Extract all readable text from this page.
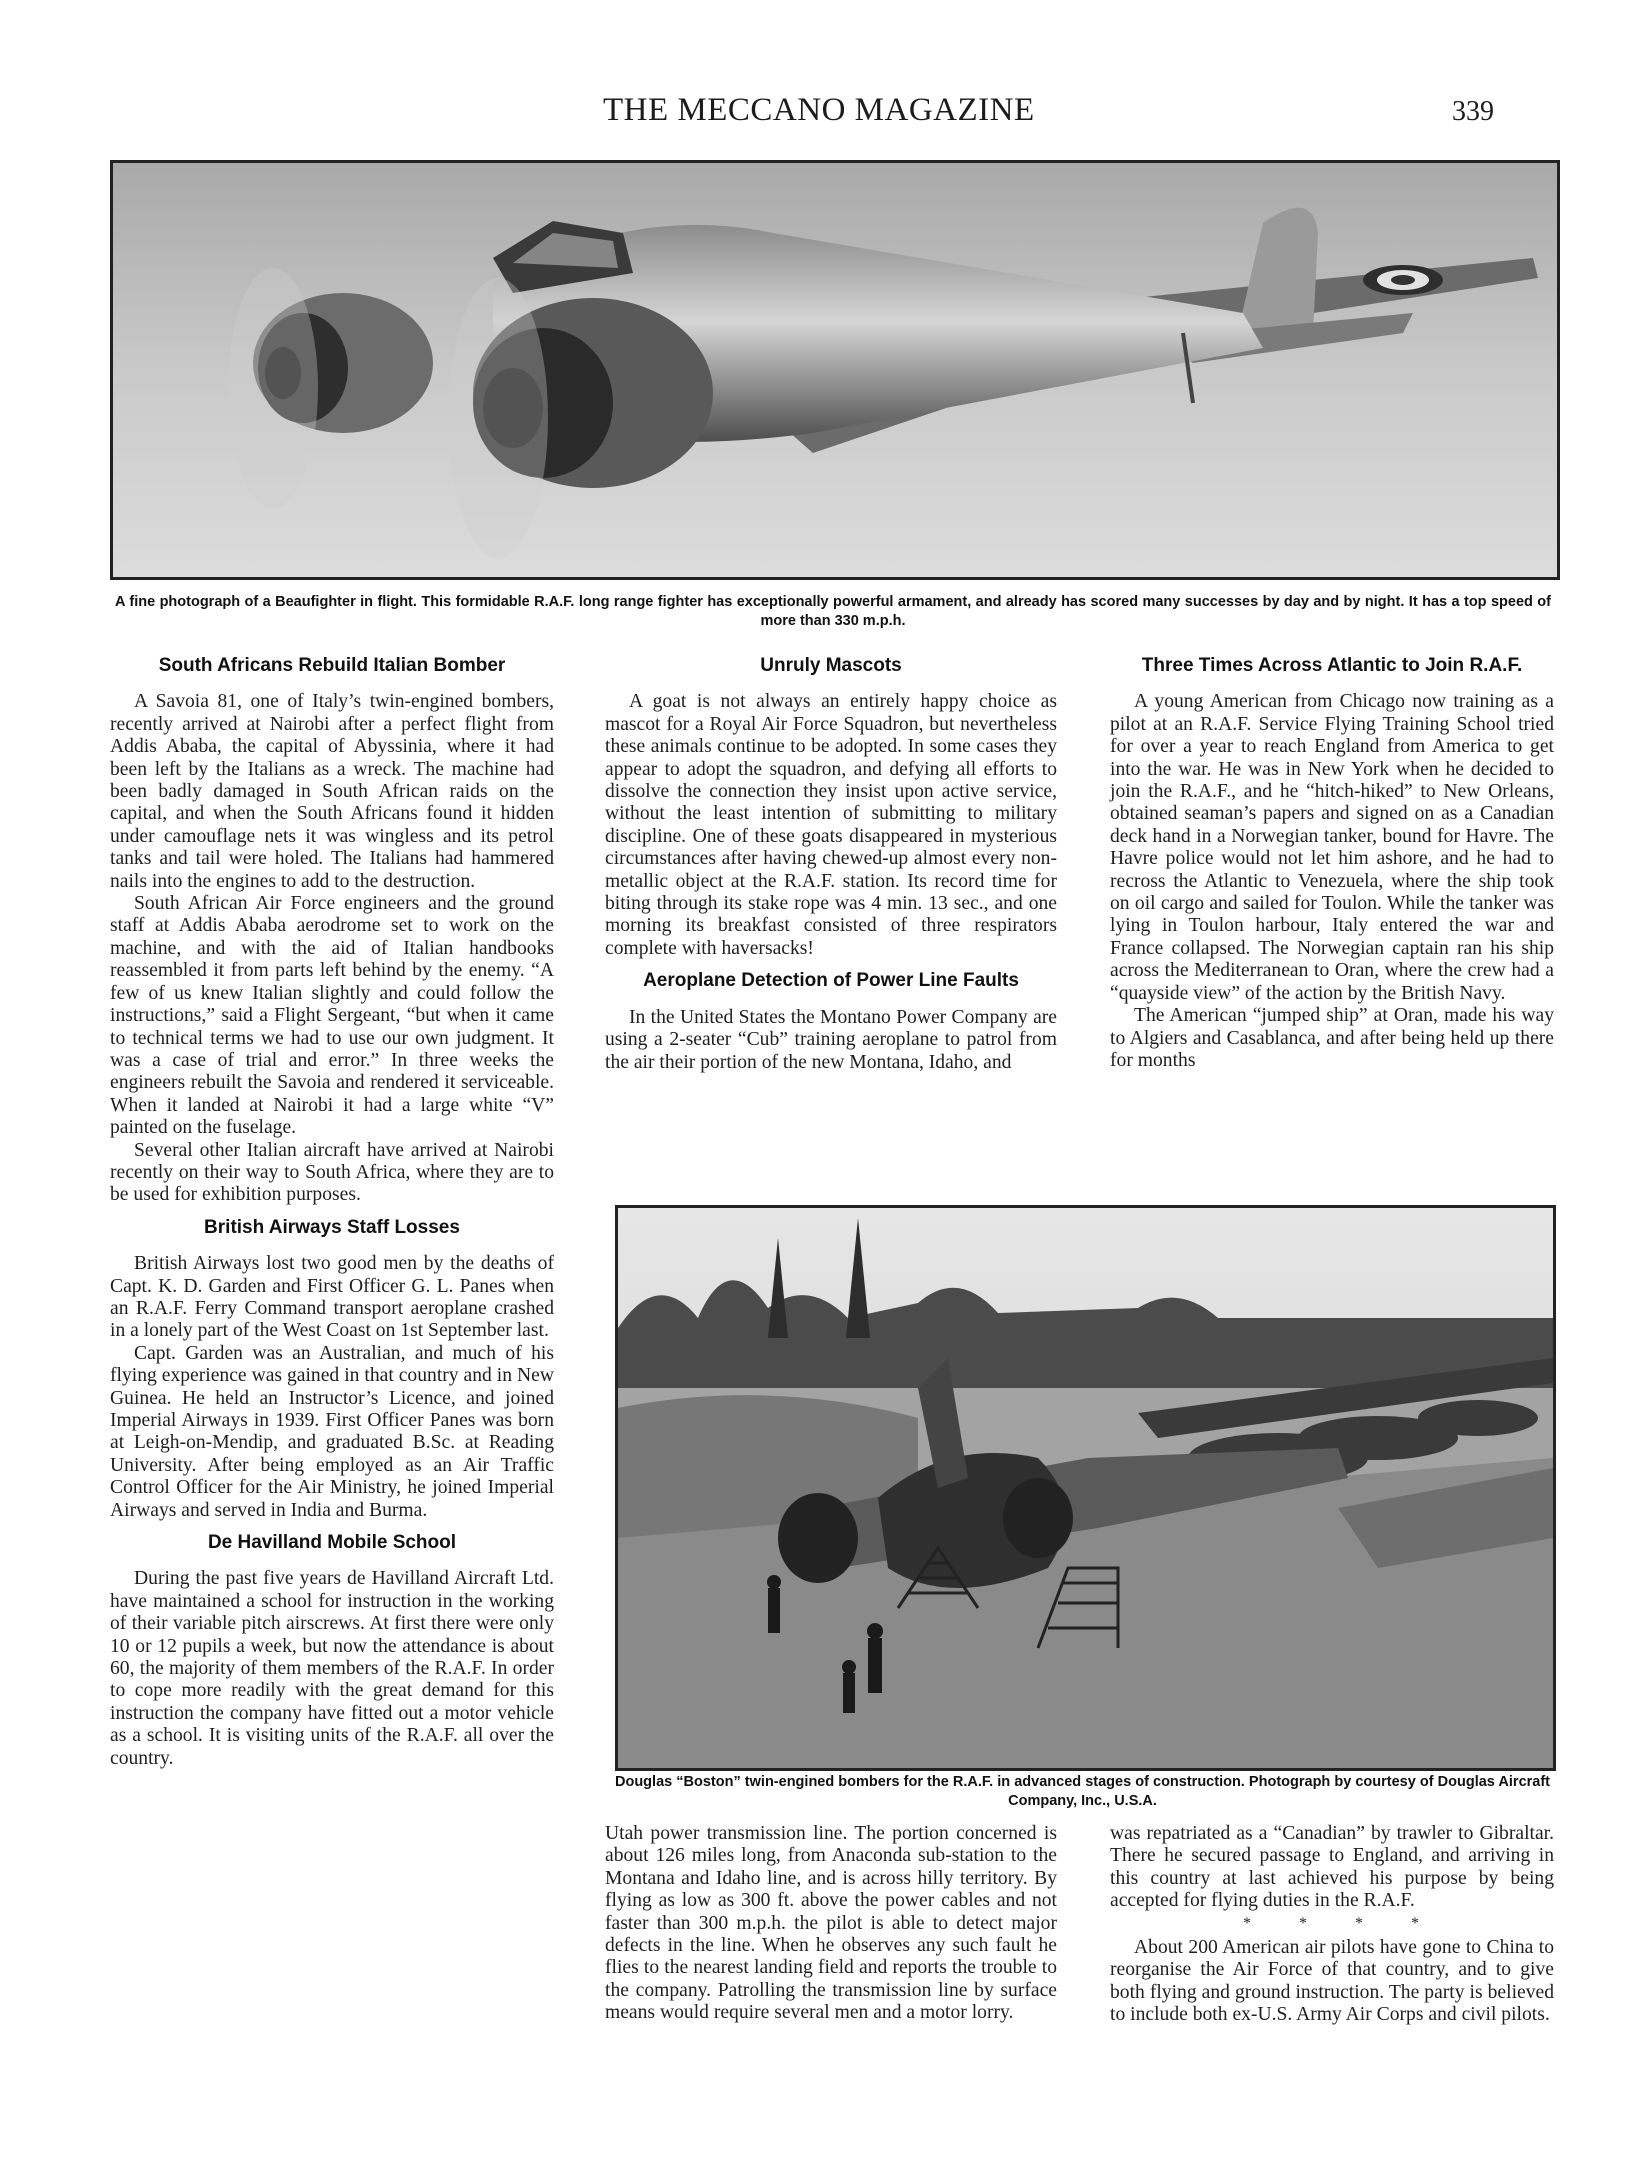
THE MECCANO MAGAZINE	339
A fine photograph of a Beaufighter in flight. This formidable R.A.F. long range fighter has exceptionally powerful armament, and already has scored many successes by day and by night. It has a top speed of more than 330 m.p.h.
South Africans Rebuild Italian Bomber

A Savoia 81, one of Italy’s twin-engined bombers, recently arrived at Nairobi after a perfect flight from Addis Ababa, the capital of Abyssinia, where it had been left by the Italians as a wreck. The machine had been badly damaged in South African raids on the capital, and when the South Africans found it hidden under camouflage nets it was wingless and its petrol tanks and tail were holed. The Italians had hammered nails into the engines to add to the destruction.

South African Air Force engineers and the ground staff at Addis Ababa aerodrome set to work on the machine, and with the aid of Italian handbooks reassembled it from parts left behind by the enemy. “A few of us knew Italian slightly and could follow the instructions,” said a Flight Sergeant, “but when it came to technical terms we had to use our own judgment. It was a case of trial and error.” In three weeks the engineers rebuilt the Savoia and rendered it serviceable. When it landed at Nairobi it had a large white “V” painted on the fuselage.

Several other Italian aircraft have arrived at Nairobi recently on their way to South Africa, where they are to be used for exhibition purposes.

British Airways Staff Losses

British Airways lost two good men by the deaths of Capt. K. D. Garden and First Officer G. L. Panes when an R.A.F. Ferry Command transport aeroplane crashed in a lonely part of the West Coast on 1st September last.

Capt. Garden was an Australian, and much of his flying experience was gained in that country and in New Guinea. He held an Instructor’s Licence, and joined Imperial Airways in 1939. First Officer Panes was born at Leigh-on-Mendip, and graduated B.Sc. at Reading University. After being employed as an Air Traffic Control Officer for the Air Ministry, he joined Imperial Airways and served in India and Burma.

De Havilland Mobile School

During the past five years de Havilland Aircraft Ltd. have maintained a school for instruction in the working of their variable pitch airscrews. At first there were only 10 or 12 pupils a week, but now the attendance is about 60, the majority of them members of the R.A.F. In order to cope more readily with the great demand for this instruction the company have fitted out a motor vehicle as a school. It is visiting units of the R.A.F. all over the country.

Unruly Mascots

A goat is not always an entirely happy choice as mascot for a Royal Air Force Squadron, but nevertheless these animals continue to be adopted. In some cases they appear to adopt the squadron, and defying all efforts to dissolve the connection they insist upon active service, without the least intention of submitting to military discipline. One of these goats disappeared in mysterious circumstances after having chewed-up almost every non-metallic object at the R.A.F. station. Its record time for biting through its stake rope was 4 min. 13 sec., and one morning its breakfast consisted of three respirators complete with haversacks!

Aeroplane Detection of Power Line Faults

In the United States the Montano Power Company are using a 2-seater “Cub” training aeroplane to patrol from the air their portion of the new Montana, Idaho, and

Three Times Across Atlantic to Join R.A.F.

A young American from Chicago now training as a pilot at an R.A.F. Service Flying Training School tried for over a year to reach England from America to get into the war. He was in New York when he decided to join the R.A.F., and he “hitch-hiked” to New Orleans, obtained seaman’s papers and signed on as a Canadian deck hand in a Norwegian tanker, bound for Havre. The Havre police would not let him ashore, and he had to recross the Atlantic to Venezuela, where the ship took on oil cargo and sailed for Toulon. While the tanker was lying in Toulon harbour, Italy entered the war and France collapsed. The Norwegian captain ran his ship across the Mediterranean to Oran, where the crew had a “quayside view” of the action by the British Navy.

The American “jumped ship” at Oran, made his way to Algiers and Casablanca, and after being held up there for months

Douglas “Boston” twin-engined bombers for the R.A.F. in advanced stages of construction. Photograph by courtesy of Douglas Aircraft Company, Inc., U.S.A.

Utah power transmission line. The portion concerned is about 126 miles long, from Anaconda sub-station to the Montana and Idaho line, and is across hilly territory. By flying as low as 300 ft. above the power cables and not faster than 300 m.p.h. the pilot is able to detect major defects in the line. When he observes any such fault he flies to the nearest landing field and reports the trouble to the company. Patrolling the transmission line by surface means would require several men and a motor lorry.

was repatriated as a “Canadian” by trawler to Gibraltar. There he secured passage to England, and arriving in this country at last achieved his purpose by being accepted for flying duties in the R.A.F.

* * * *

About 200 American air pilots have gone to China to reorganise the Air Force of that country, and to give both flying and ground instruction. The party is believed to include both ex-U.S. Army Air Corps and civil pilots.
